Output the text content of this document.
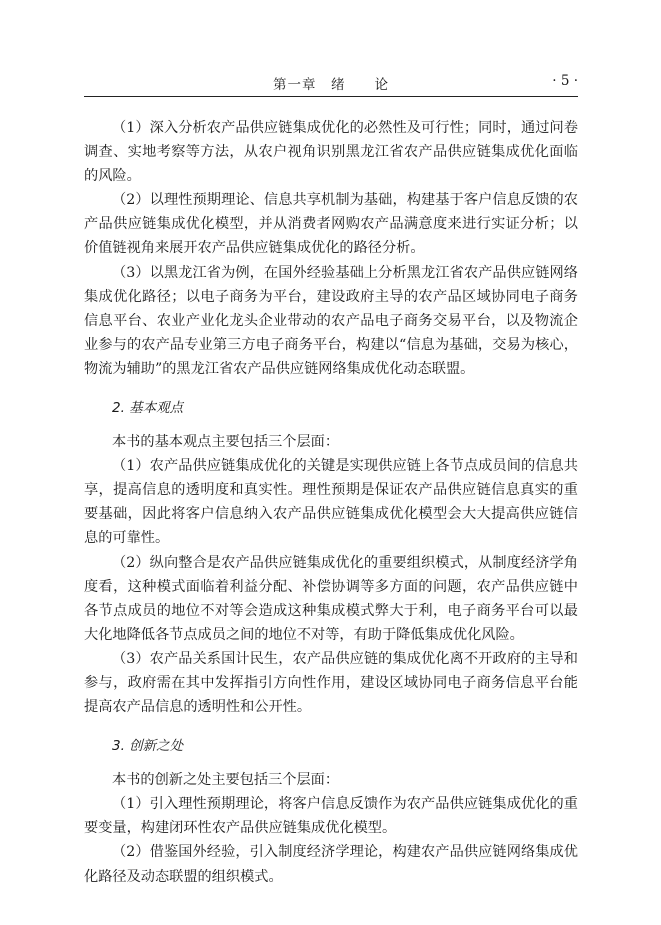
第一章　绪　　论	· 5 ·

（1）深入分析农产品供应链集成优化的必然性及可行性；同时，通过问卷调查、实地考察等方法，从农户视角识别黑龙江省农产品供应链集成优化面临的风险。

（2）以理性预期理论、信息共享机制为基础，构建基于客户信息反馈的农产品供应链集成优化模型，并从消费者网购农产品满意度来进行实证分析；以价值链视角来展开农产品供应链集成优化的路径分析。

（3）以黑龙江省为例，在国外经验基础上分析黑龙江省农产品供应链网络集成优化路径；以电子商务为平台，建设政府主导的农产品区域协同电子商务信息平台、农业产业化龙头企业带动的农产品电子商务交易平台，以及物流企业参与的农产品专业第三方电子商务平台，构建以“信息为基础，交易为核心，物流为辅助”的黑龙江省农产品供应链网络集成优化动态联盟。

2. 基本观点

本书的基本观点主要包括三个层面：

（1）农产品供应链集成优化的关键是实现供应链上各节点成员间的信息共享，提高信息的透明度和真实性。理性预期是保证农产品供应链信息真实的重要基础，因此将客户信息纳入农产品供应链集成优化模型会大大提高供应链信息的可靠性。

（2）纵向整合是农产品供应链集成优化的重要组织模式，从制度经济学角度看，这种模式面临着利益分配、补偿协调等多方面的问题，农产品供应链中各节点成员的地位不对等会造成这种集成模式弊大于利，电子商务平台可以最大化地降低各节点成员之间的地位不对等，有助于降低集成优化风险。

（3）农产品关系国计民生，农产品供应链的集成优化离不开政府的主导和参与，政府需在其中发挥指引方向性作用，建设区域协同电子商务信息平台能提高农产品信息的透明性和公开性。

3. 创新之处

本书的创新之处主要包括三个层面：

（1）引入理性预期理论，将客户信息反馈作为农产品供应链集成优化的重要变量，构建闭环性农产品供应链集成优化模型。

（2）借鉴国外经验，引入制度经济学理论，构建农产品供应链网络集成优化路径及动态联盟的组织模式。
